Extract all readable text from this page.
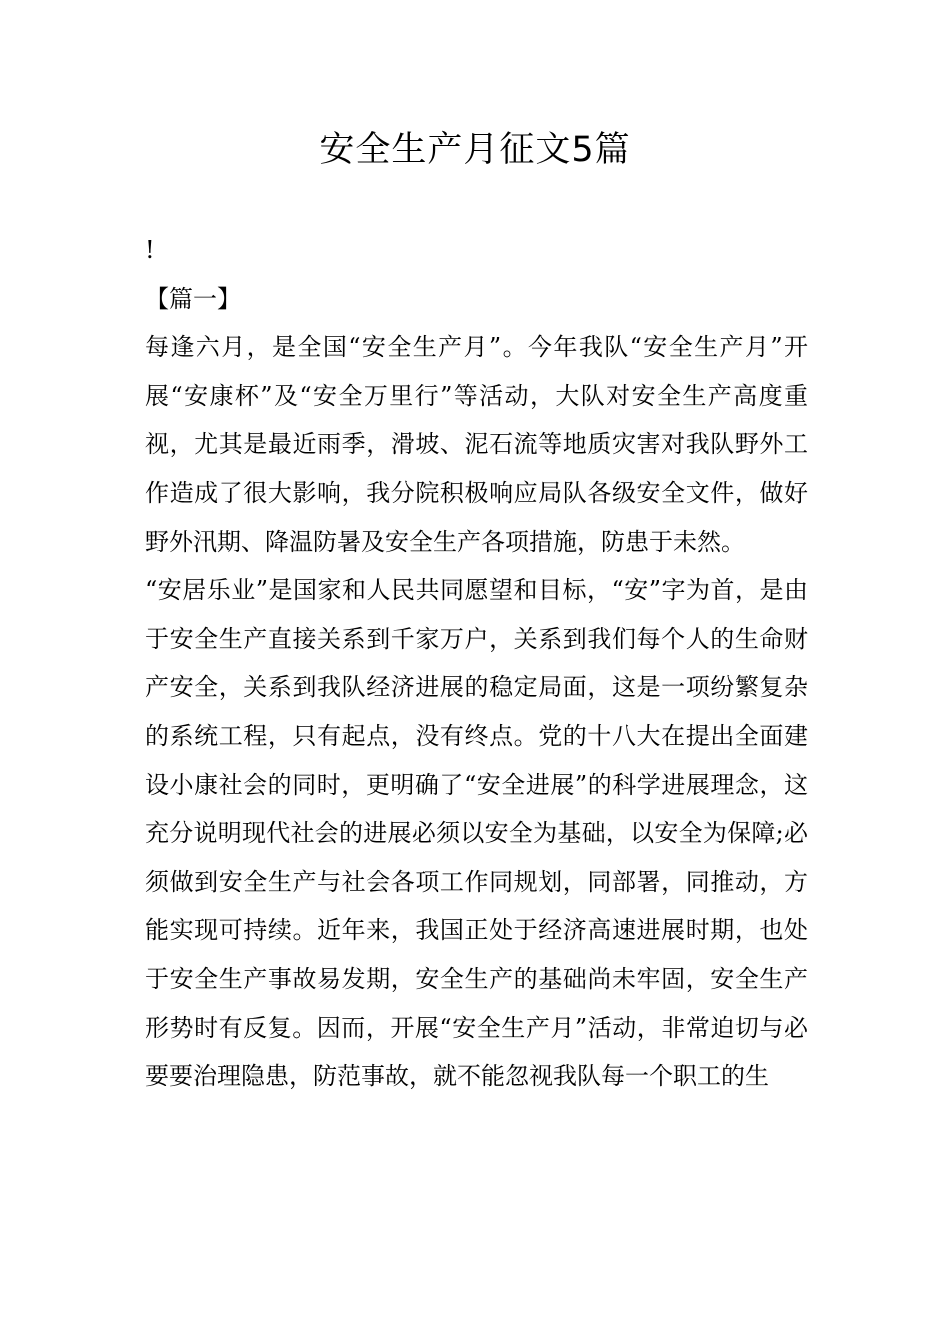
安全生产月征文5篇

!

【篇一】

每逢六月，是全国“安全生产月”。今年我队“安全生产月”开展“安康杯”及“安全万里行”等活动，大队对安全生产高度重视，尤其是最近雨季，滑坡、泥石流等地质灾害对我队野外工作造成了很大影响，我分院积极响应局队各级安全文件，做好野外汛期、降温防暑及安全生产各项措施，防患于未然。

“安居乐业”是国家和人民共同愿望和目标，“安”字为首，是由于安全生产直接关系到千家万户，关系到我们每个人的生命财产安全，关系到我队经济进展的稳定局面，这是一项纷繁复杂的系统工程，只有起点，没有终点。党的十八大在提出全面建设小康社会的同时，更明确了“安全进展”的科学进展理念，这充分说明现代社会的进展必须以安全为基础，以安全为保障;必须做到安全生产与社会各项工作同规划，同部署，同推动，方能实现可持续。近年来，我国正处于经济高速进展时期，也处于安全生产事故易发期，安全生产的基础尚未牢固，安全生产形势时有反复。因而，开展“安全生产月”活动，非常迫切与必要要治理隐患，防范事故，就不能忽视我队每一个职工的生
